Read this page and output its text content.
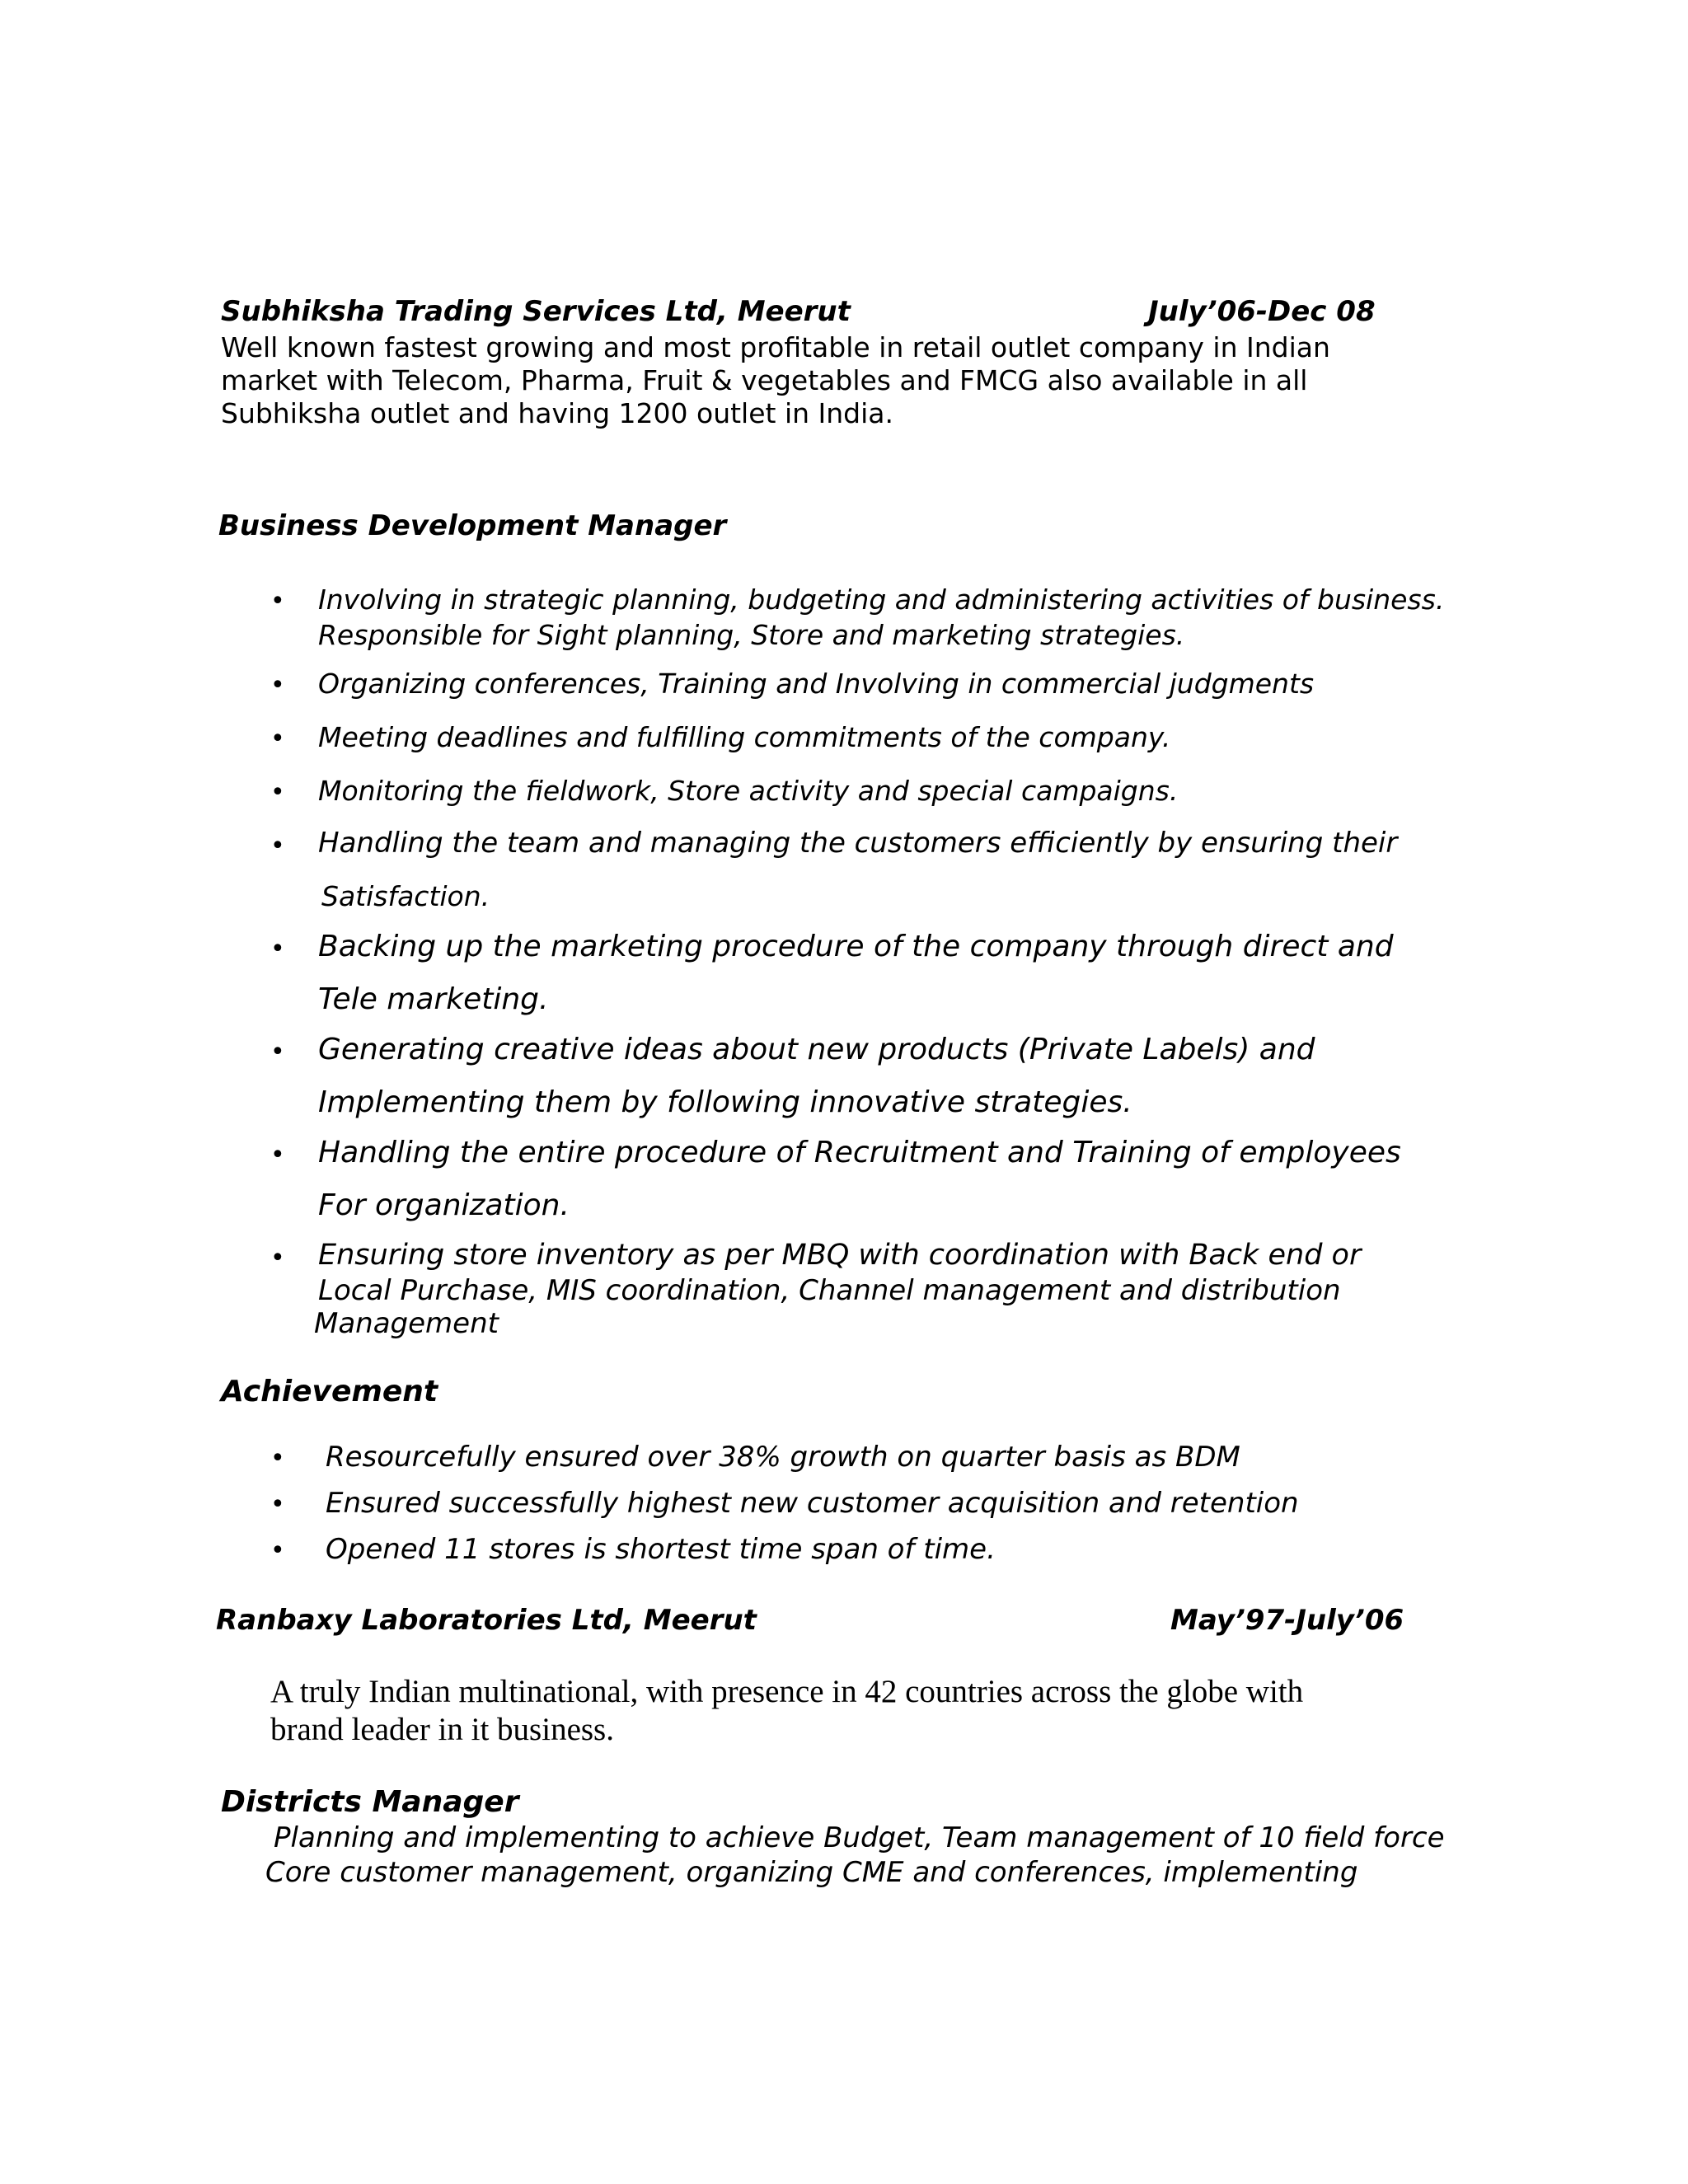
Subhiksha Trading Services Ltd, Meerut	July’06-Dec 08
Well known fastest growing and most profitable in retail outlet company in Indian
market with Telecom, Pharma, Fruit & vegetables and FMCG also available in all
Subhiksha outlet and having 1200 outlet in India.
Business Development Manager
• Involving in strategic planning, budgeting and administering activities of business.
Responsible for Sight planning, Store and marketing strategies.
• Organizing conferences, Training and Involving in commercial judgments
• Meeting deadlines and fulfilling commitments of the company.
• Monitoring the fieldwork, Store activity and special campaigns.
• Handling the team and managing the customers efficiently by ensuring their
Satisfaction.
• Backing up the marketing procedure of the company through direct and
Tele marketing.
• Generating creative ideas about new products (Private Labels) and
Implementing them by following innovative strategies.
• Handling the entire procedure of Recruitment and Training of employees
For organization.
• Ensuring store inventory as per MBQ with coordination with Back end or
Local Purchase, MIS coordination, Channel management and distribution
Management
Achievement
• Resourcefully ensured over 38% growth on quarter basis as BDM
• Ensured successfully highest new customer acquisition and retention
• Opened 11 stores is shortest time span of time.
Ranbaxy Laboratories Ltd, Meerut	May’97-July’06
A truly Indian multinational, with presence in 42 countries across the globe with
brand leader in it business.
Districts Manager
Planning and implementing to achieve Budget, Team management of 10 field force
Core customer management, organizing CME and conferences, implementing
